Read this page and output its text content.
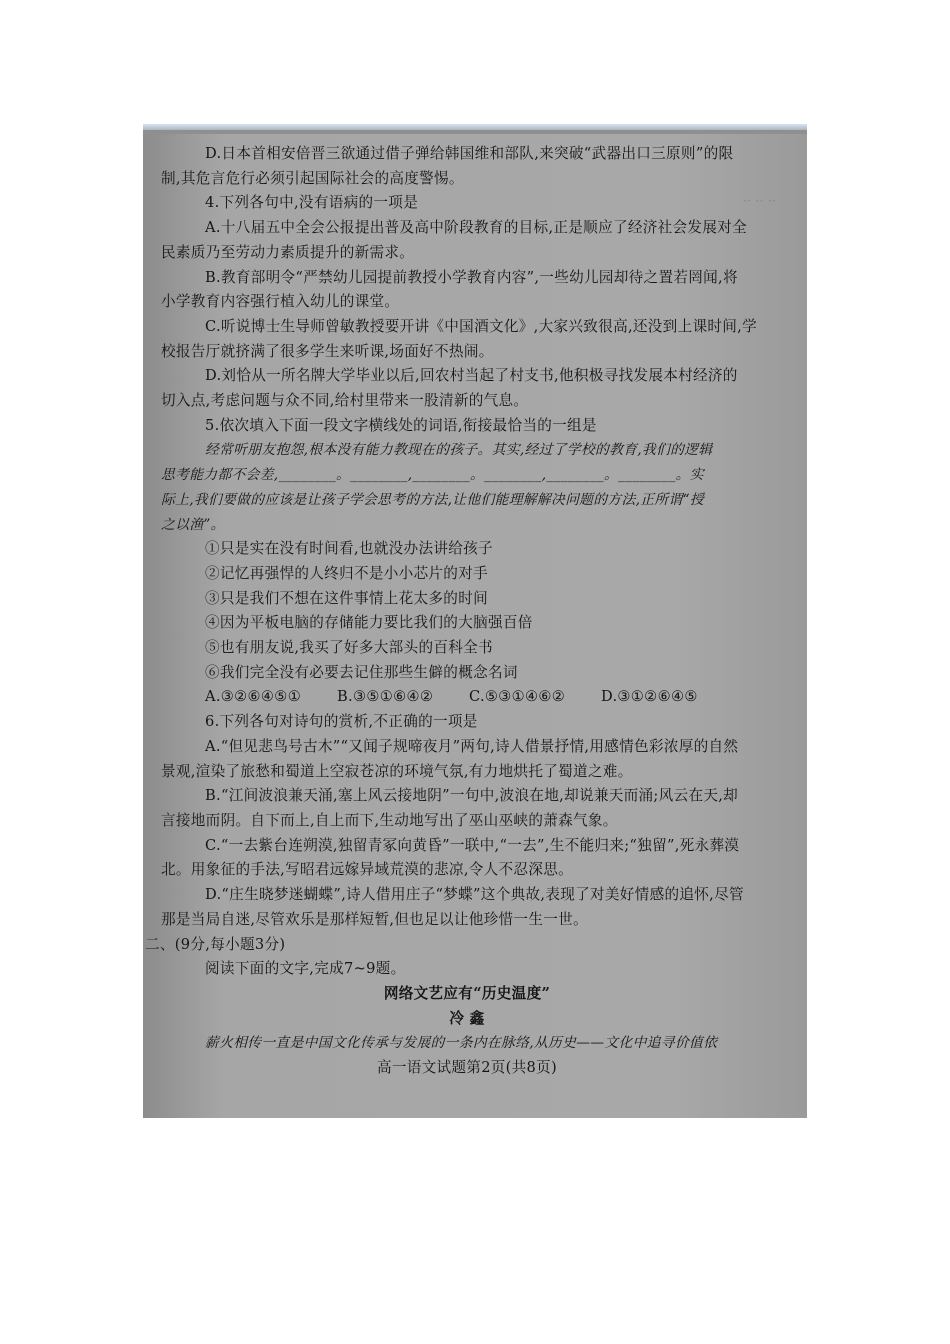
·· ·· ··
D.日本首相安倍晋三欲通过借子弹给韩国维和部队,来突破“武器出口三原则”的限
制,其危言危行必须引起国际社会的高度警惕。
4.下列各句中,没有语病的一项是
A.十八届五中全会公报提出普及高中阶段教育的目标,正是顺应了经济社会发展对全
民素质乃至劳动力素质提升的新需求。
B.教育部明令“严禁幼儿园提前教授小学教育内容”,一些幼儿园却待之置若罔闻,将
小学教育内容强行植入幼儿的课堂。
C.听说博士生导师曾敏教授要开讲《中国酒文化》,大家兴致很高,还没到上课时间,学
校报告厅就挤满了很多学生来听课,场面好不热闹。
D.刘恰从一所名牌大学毕业以后,回农村当起了村支书,他积极寻找发展本村经济的
切入点,考虑问题与众不同,给村里带来一股清新的气息。
5.依次填入下面一段文字横线处的词语,衔接最恰当的一组是
经常听朋友抱怨,根本没有能力教现在的孩子。其实,经过了学校的教育,我们的逻辑
思考能力都不会差,________。________,________。________,________。________。实
际上,我们要做的应该是让孩子学会思考的方法,让他们能理解解决问题的方法,正所谓“授
之以渔”。
①只是实在没有时间看,也就没办法讲给孩子
②记忆再强悍的人终归不是小小芯片的对手
③只是我们不想在这件事情上花太多的时间
④因为平板电脑的存储能力要比我们的大脑强百倍
⑤也有朋友说,我买了好多大部头的百科全书
⑥我们完全没有必要去记住那些生僻的概念名词
A.③②⑥④⑤①	B.③⑤①⑥④②	C.⑤③①④⑥②	D.③①②⑥④⑤
6.下列各句对诗句的赏析,不正确的一项是
A.“但见悲鸟号古木”“又闻子规啼夜月”两句,诗人借景抒情,用感情色彩浓厚的自然
景观,渲染了旅愁和蜀道上空寂苍凉的环境气氛,有力地烘托了蜀道之难。
B.“江间波浪兼天涌,塞上风云接地阴”一句中,波浪在地,却说兼天而涌;风云在天,却
言接地而阴。自下而上,自上而下,生动地写出了巫山巫峡的萧森气象。
C.“一去紫台连朔漠,独留青冢向黄昏”一联中,“一去”,生不能归来;“独留”,死永葬漠
北。用象征的手法,写昭君远嫁异域荒漠的悲凉,令人不忍深思。
D.“庄生晓梦迷蝴蝶”,诗人借用庄子“梦蝶”这个典故,表现了对美好情感的追怀,尽管
那是当局自迷,尽管欢乐是那样短暂,但也足以让他珍惜一生一世。
二、(9分,每小题3分)
阅读下面的文字,完成7~9题。
网络文艺应有“历史温度”
冷 鑫
薪火相传一直是中国文化传承与发展的一条内在脉络,从历史——文化中追寻价值依
高一语文试题第2页(共8页)
